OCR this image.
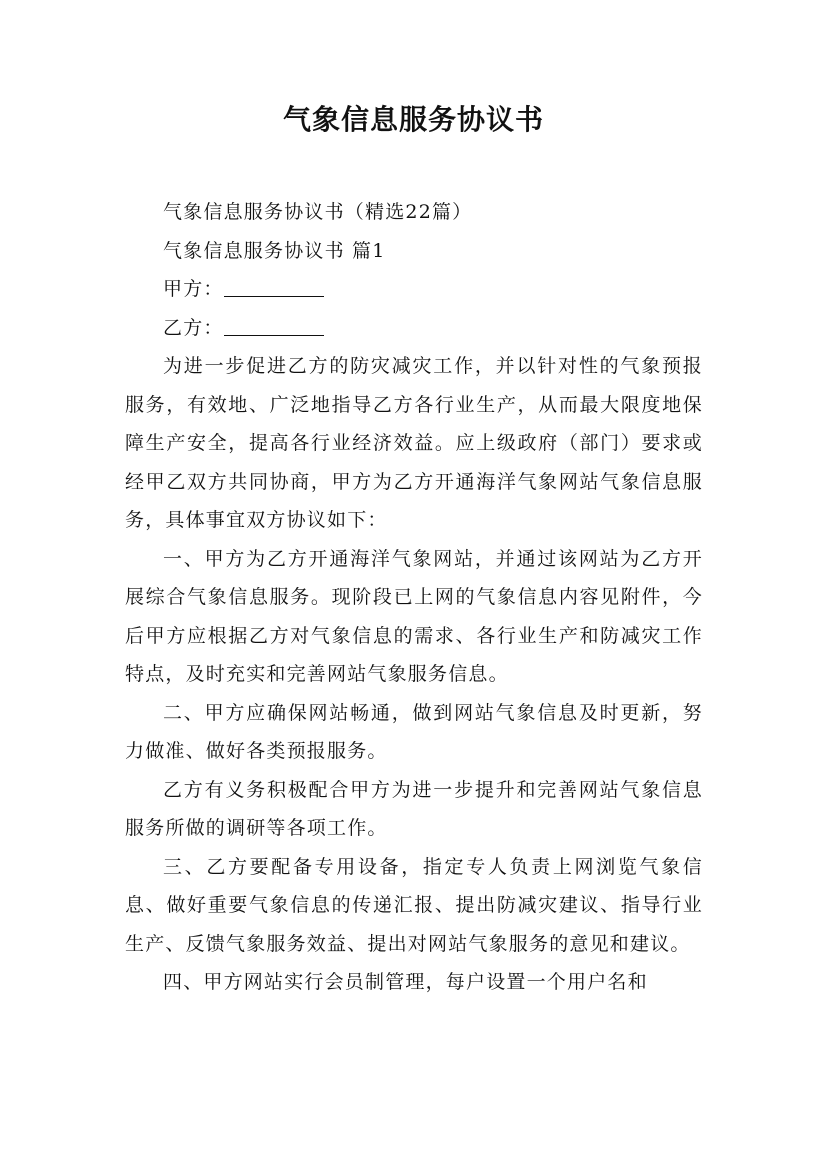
气象信息服务协议书

气象信息服务协议书（精选22篇）

气象信息服务协议书 篇1

甲方：

乙方：

为进一步促进乙方的防灾减灾工作，并以针对性的气象预报服务，有效地、广泛地指导乙方各行业生产，从而最大限度地保障生产安全，提高各行业经济效益。应上级政府（部门）要求或经甲乙双方共同协商，甲方为乙方开通海洋气象网站气象信息服务，具体事宜双方协议如下：

一、甲方为乙方开通海洋气象网站，并通过该网站为乙方开展综合气象信息服务。现阶段已上网的气象信息内容见附件，今后甲方应根据乙方对气象信息的需求、各行业生产和防减灾工作特点，及时充实和完善网站气象服务信息。

二、甲方应确保网站畅通，做到网站气象信息及时更新，努力做准、做好各类预报服务。

乙方有义务积极配合甲方为进一步提升和完善网站气象信息服务所做的调研等各项工作。

三、乙方要配备专用设备，指定专人负责上网浏览气象信息、做好重要气象信息的传递汇报、提出防减灾建议、指导行业生产、反馈气象服务效益、提出对网站气象服务的意见和建议。

四、甲方网站实行会员制管理，每户设置一个用户名和
